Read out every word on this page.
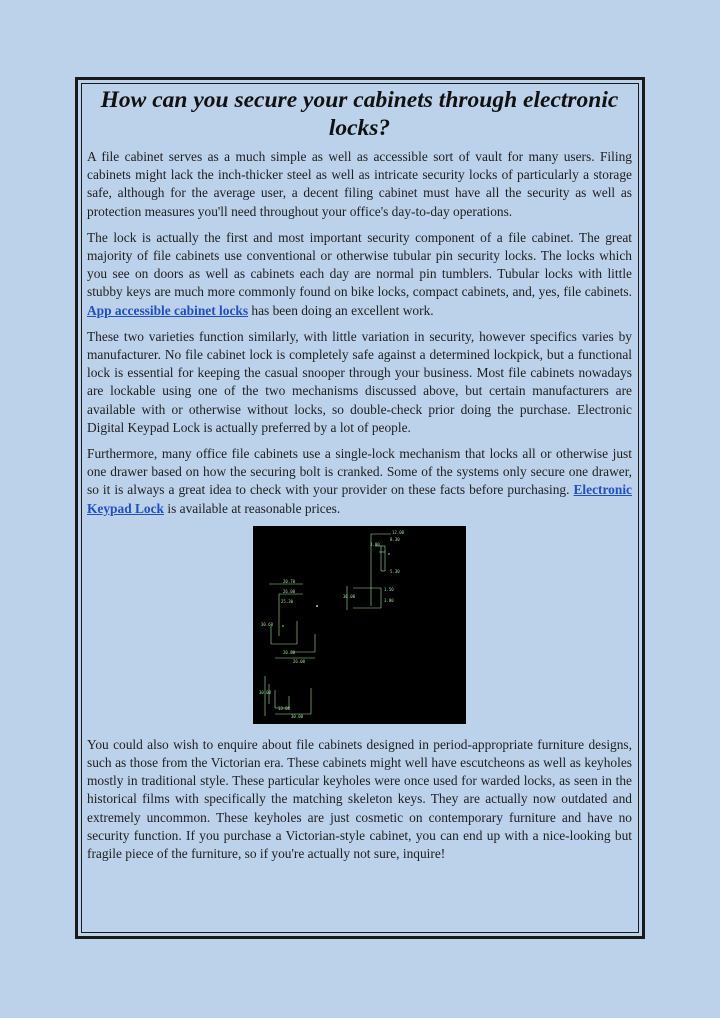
How can you secure your cabinets through electronic locks?

A file cabinet serves as a much simple as well as accessible sort of vault for many users. Filing cabinets might lack the inch-thicker steel as well as intricate security locks of particularly a storage safe, although for the average user, a decent filing cabinet must have all the security as well as protection measures you'll need throughout your office's day-to-day operations.

The lock is actually the first and most important security component of a file cabinet. The great majority of file cabinets use conventional or otherwise tubular pin security locks. The locks which you see on doors as well as cabinets each day are normal pin tumblers. Tubular locks with little stubby keys are much more commonly found on bike locks, compact cabinets, and, yes, file cabinets. App accessible cabinet locks has been doing an excellent work.

These two varieties function similarly, with little variation in security, however specifics varies by manufacturer. No file cabinet lock is completely safe against a determined lockpick, but a functional lock is essential for keeping the casual snooper through your business. Most file cabinets nowadays are lockable using one of the two mechanisms discussed above, but certain manufacturers are available with or otherwise without locks, so double-check prior doing the purchase. Electronic Digital Keypad Lock is actually preferred by a lot of people.

Furthermore, many office file cabinets use a single-lock mechanism that locks all or otherwise just one drawer based on how the securing bolt is cranked. Some of the systems only secure one drawer, so it is always a great idea to check with your provider on these facts before purchasing. Electronic Keypad Lock is available at reasonable prices.

12.00
8.30
3.00
5.30
1.50
3.00
20.70
26.00
25.30
30.60
20.80
26.00
30.00
30.00
13.00
30.00

You could also wish to enquire about file cabinets designed in period-appropriate furniture designs, such as those from the Victorian era. These cabinets might well have escutcheons as well as keyholes mostly in traditional style. These particular keyholes were once used for warded locks, as seen in the historical films with specifically the matching skeleton keys. They are actually now outdated and extremely uncommon. These keyholes are just cosmetic on contemporary furniture and have no security function. If you purchase a Victorian-style cabinet, you can end up with a nice-looking but fragile piece of the furniture, so if you're actually not sure, inquire!
